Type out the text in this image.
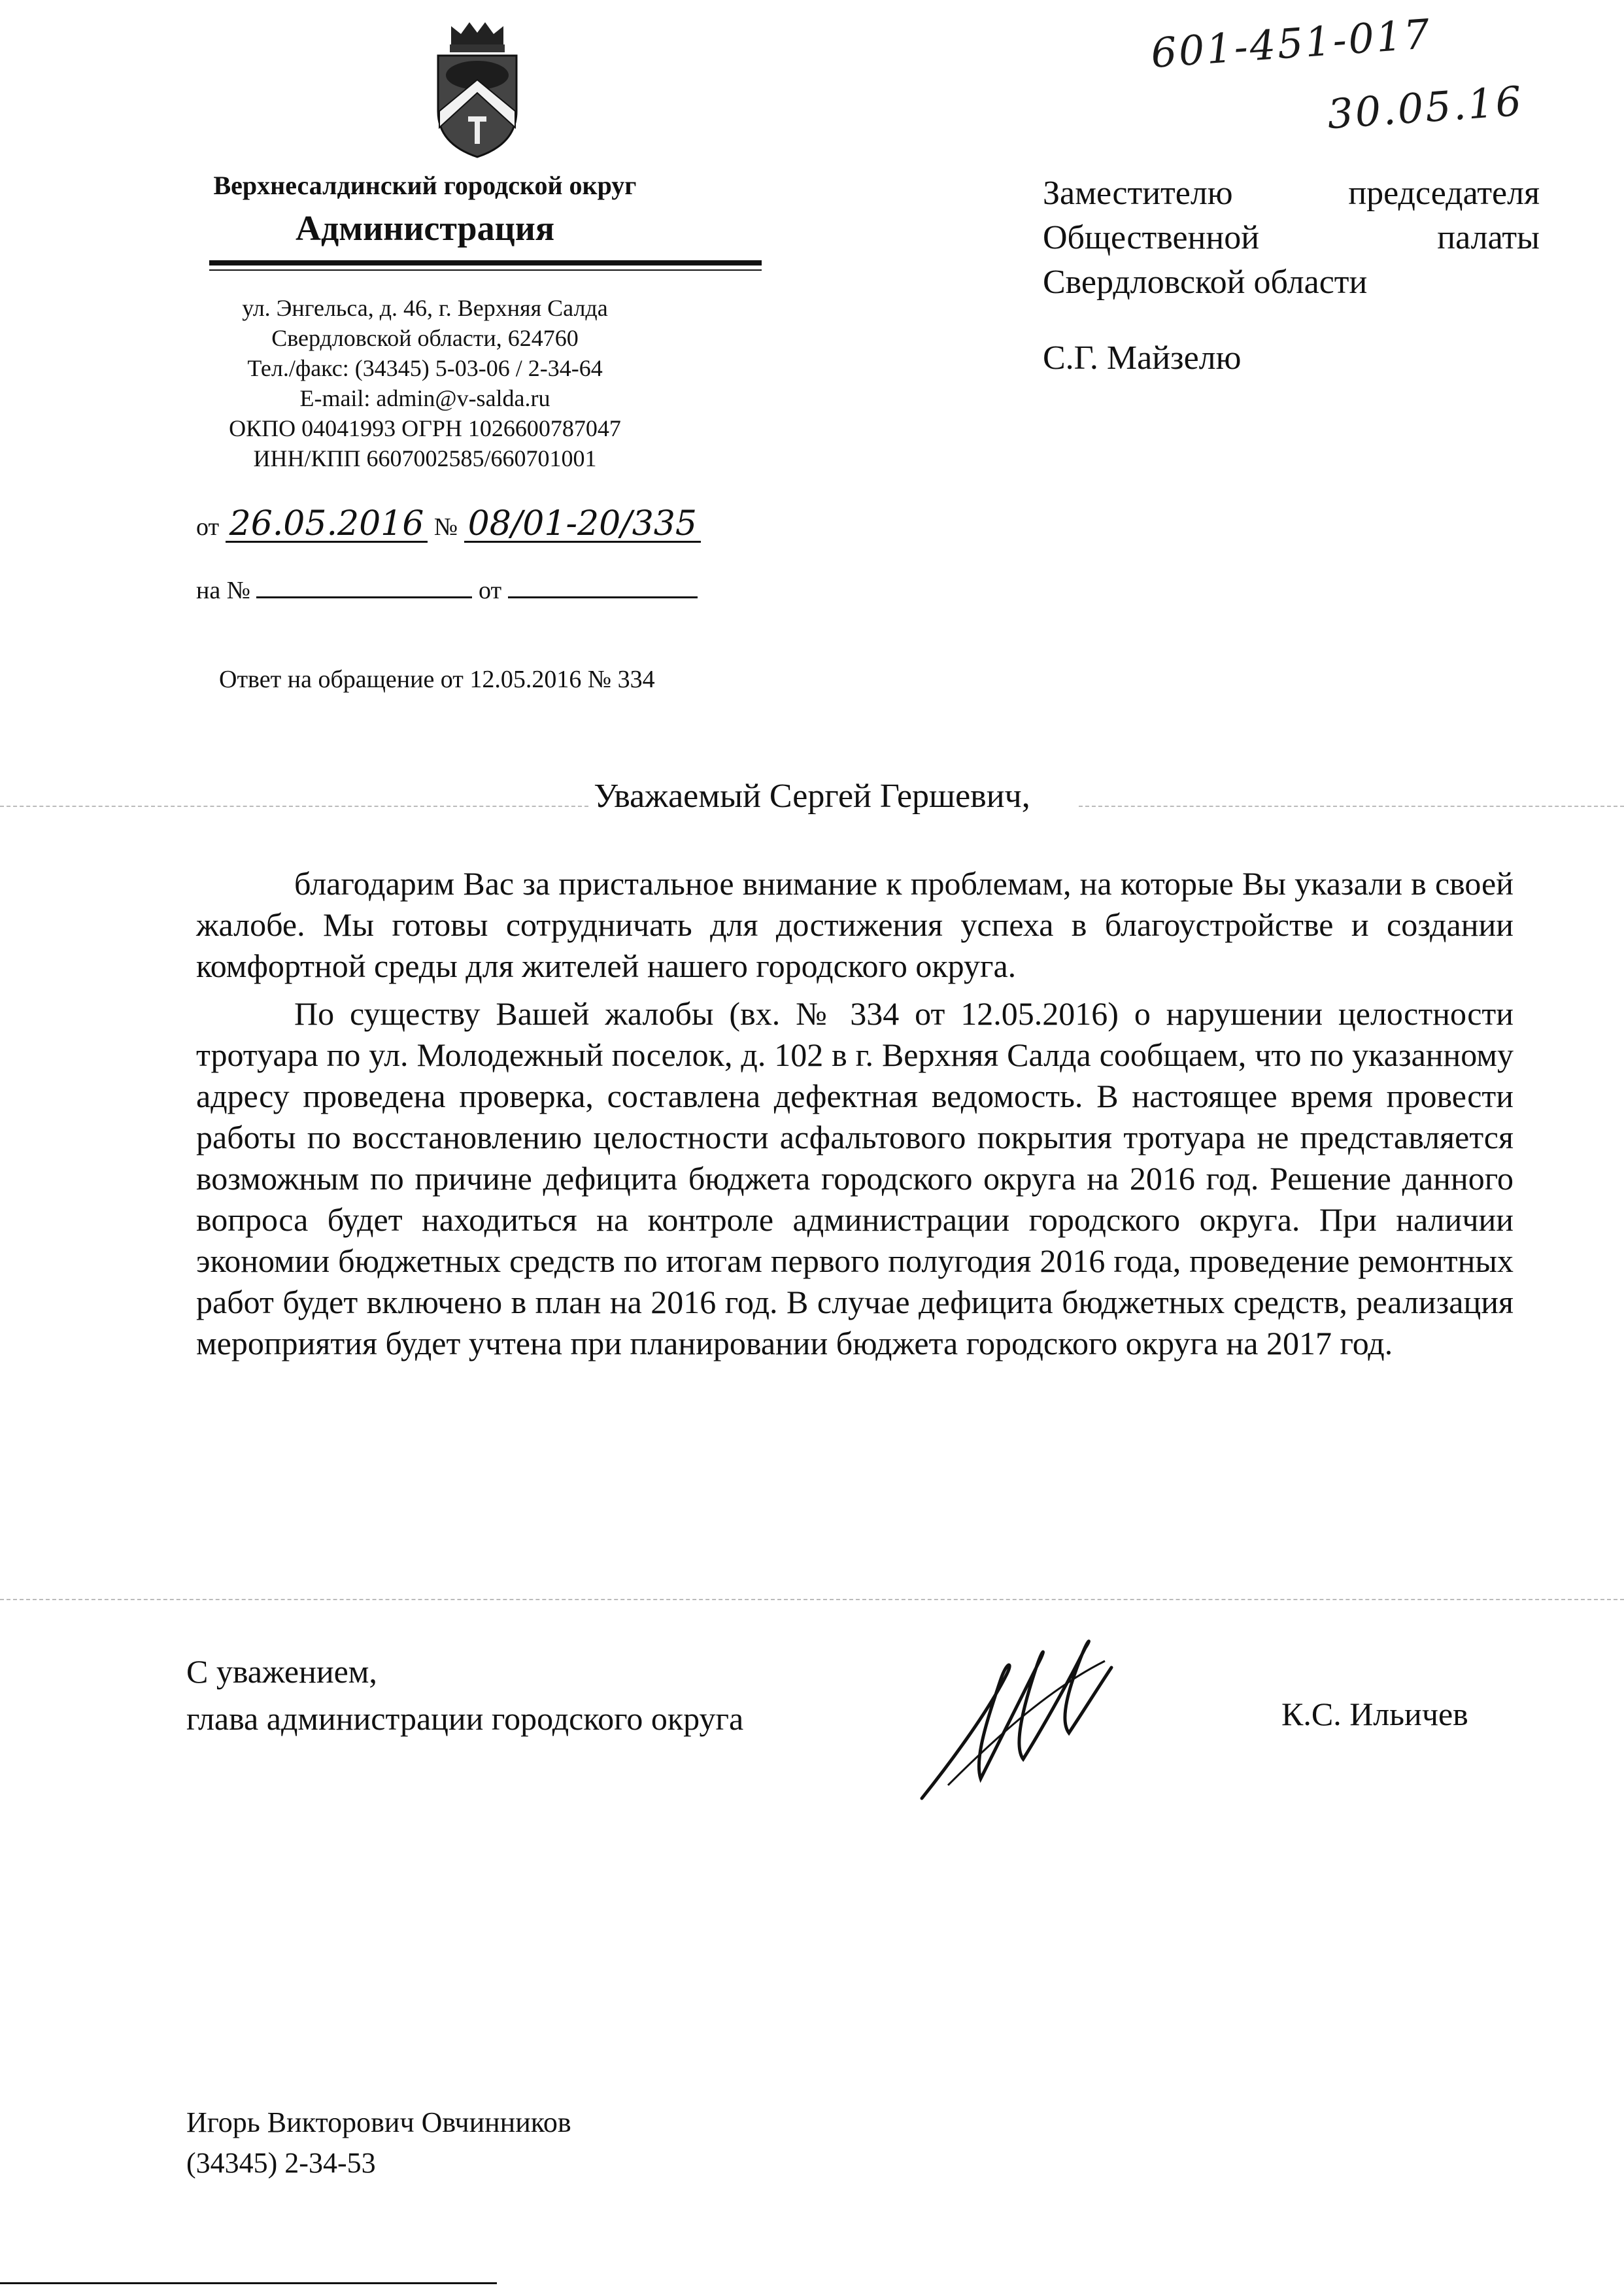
601-451-017
30.05.16
Верхнесалдинский городской округ
Администрация
ул. Энгельса, д. 46, г. Верхняя Салда
Свердловской области, 624760
Тел./факс: (34345) 5-03-06 / 2-34-64
E-mail: admin@v-salda.ru
ОКПО 04041993 ОГРН 1026600787047
ИНН/КПП 6607002585/660701001
от 26.05.2016 № 08/01-20/335
на №	от
Ответ на обращение от 12.05.2016 № 334
Заместителю председателя
Общественной палаты
Свердловской области
С.Г. Майзелю
Уважаемый Сергей Гершевич,

благодарим Вас за пристальное внимание к проблемам, на которые Вы указали в своей жалобе. Мы готовы сотрудничать для достижения успеха в благоустройстве и создании комфортной среды для жителей нашего городского округа.

По существу Вашей жалобы (вх. № 334 от 12.05.2016) о нарушении целостности тротуара по ул. Молодежный поселок, д. 102 в г. Верхняя Салда сообщаем, что по указанному адресу проведена проверка, составлена дефектная ведомость. В настоящее время провести работы по восстановлению целостности асфальтового покрытия тротуара не представляется возможным по причине дефицита бюджета городского округа на 2016 год. Решение данного вопроса будет находиться на контроле администрации городского округа. При наличии экономии бюджетных средств по итогам первого полугодия 2016 года, проведение ремонтных работ будет включено в план на 2016 год. В случае дефицита бюджетных средств, реализация мероприятия будет учтена при планировании бюджета городского округа на 2017 год.

С уважением,
глава администрации городского округа	К.С. Ильичев
Игорь Викторович Овчинников
(34345) 2-34-53
